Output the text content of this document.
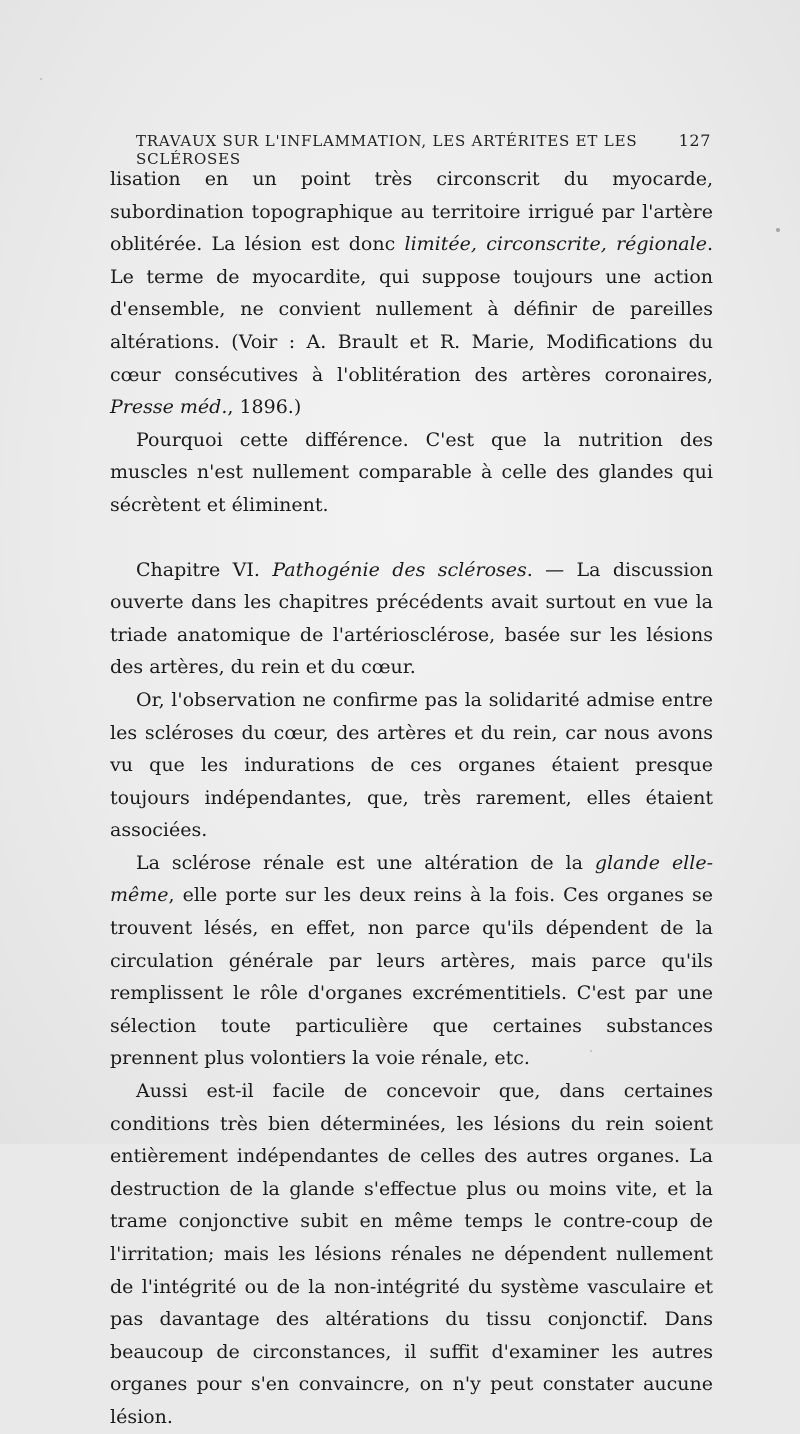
TRAVAUX SUR L'INFLAMMATION, LES ARTÉRITES ET LES SCLÉROSES
127

lisation en un point très circonscrit du myocarde, subordination topographique au territoire irrigué par l'artère oblitérée. La lésion est donc limitée, circonscrite, régionale. Le terme de myocardite, qui suppose toujours une action d'ensemble, ne convient nullement à définir de pareilles altérations. (Voir : A. Brault et R. Marie, Modifications du cœur consécutives à l'oblitération des artères coronaires, Presse méd., 1896.)

Pourquoi cette différence. C'est que la nutrition des muscles n'est nullement comparable à celle des glandes qui sécrètent et éliminent.

Chapitre VI. Pathogénie des scléroses. — La discussion ouverte dans les chapitres précédents avait surtout en vue la triade anatomique de l'artériosclérose, basée sur les lésions des artères, du rein et du cœur.

Or, l'observation ne confirme pas la solidarité admise entre les scléroses du cœur, des artères et du rein, car nous avons vu que les indurations de ces organes étaient presque toujours indépendantes, que, très rarement, elles étaient associées.

La sclérose rénale est une altération de la glande elle-même, elle porte sur les deux reins à la fois. Ces organes se trouvent lésés, en effet, non parce qu'ils dépendent de la circulation générale par leurs artères, mais parce qu'ils remplissent le rôle d'organes excrémentitiels. C'est par une sélection toute particulière que certaines substances prennent plus volontiers la voie rénale, etc.

Aussi est-il facile de concevoir que, dans certaines conditions très bien déterminées, les lésions du rein soient entièrement indépendantes de celles des autres organes. La destruction de la glande s'effectue plus ou moins vite, et la trame conjonctive subit en même temps le contre-coup de l'irritation; mais les lésions rénales ne dépendent nullement de l'intégrité ou de la non-intégrité du système vasculaire et pas davantage des altérations du tissu conjonctif. Dans beaucoup de circonstances, il suffit d'examiner les autres organes pour s'en convaincre, on n'y peut constater aucune lésion.
